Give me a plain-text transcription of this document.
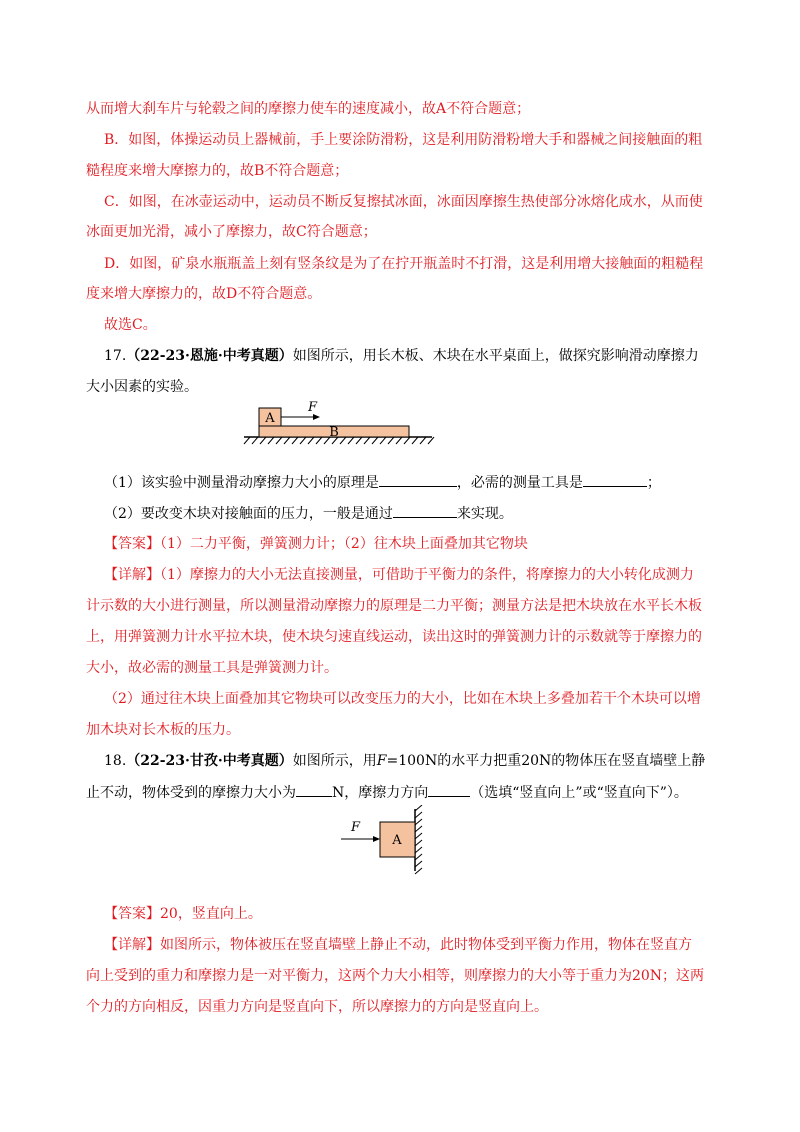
从而增大刹车片与轮毂之间的摩擦力使车的速度减小，故A不符合题意；
B．如图，体操运动员上器械前，手上要涂防滑粉，这是利用防滑粉增大手和器械之间接触面的粗
糙程度来增大摩擦力的，故B不符合题意；
C．如图，在冰壶运动中，运动员不断反复擦拭冰面，冰面因摩擦生热使部分冰熔化成水，从而使
冰面更加光滑，减小了摩擦力，故C符合题意；
D．如图，矿泉水瓶瓶盖上刻有竖条纹是为了在拧开瓶盖时不打滑，这是利用增大接触面的粗糙程
度来增大摩擦力的，故D不符合题意。
故选C。
17.（22-23·恩施·中考真题）如图所示，用长木板、木块在水平桌面上，做探究影响滑动摩擦力
大小因素的实验。
B
A
F
（1）该实验中测量滑动摩擦力大小的原理是	，必需的测量工具是	；
（2）要改变木块对接触面的压力，一般是通过	来实现。
【答案】（1）二力平衡，弹簧测力计；（2）往木块上面叠加其它物块
【详解】（1）摩擦力的大小无法直接测量，可借助于平衡力的条件，将摩擦力的大小转化成测力
计示数的大小进行测量，所以测量滑动摩擦力的原理是二力平衡；测量方法是把木块放在水平长木板
上，用弹簧测力计水平拉木块，使木块匀速直线运动，读出这时的弹簧测力计的示数就等于摩擦力的
大小，故必需的测量工具是弹簧测力计。
（2）通过往木块上面叠加其它物块可以改变压力的大小，比如在木块上多叠加若干个木块可以增
加木块对长木板的压力。
18.（22-23·甘孜·中考真题）如图所示，用F=100N的水平力把重20N的物体压在竖直墙壁上静
止不动，物体受到的摩擦力大小为	N，摩擦力方向	（选填“竖直向上”或“竖直向下”）。
A
F
【答案】20，竖直向上。
【详解】如图所示，物体被压在竖直墙壁上静止不动，此时物体受到平衡力作用，物体在竖直方
向上受到的重力和摩擦力是一对平衡力，这两个力大小相等，则摩擦力的大小等于重力为20N；这两
个力的方向相反，因重力方向是竖直向下，所以摩擦力的方向是竖直向上。
